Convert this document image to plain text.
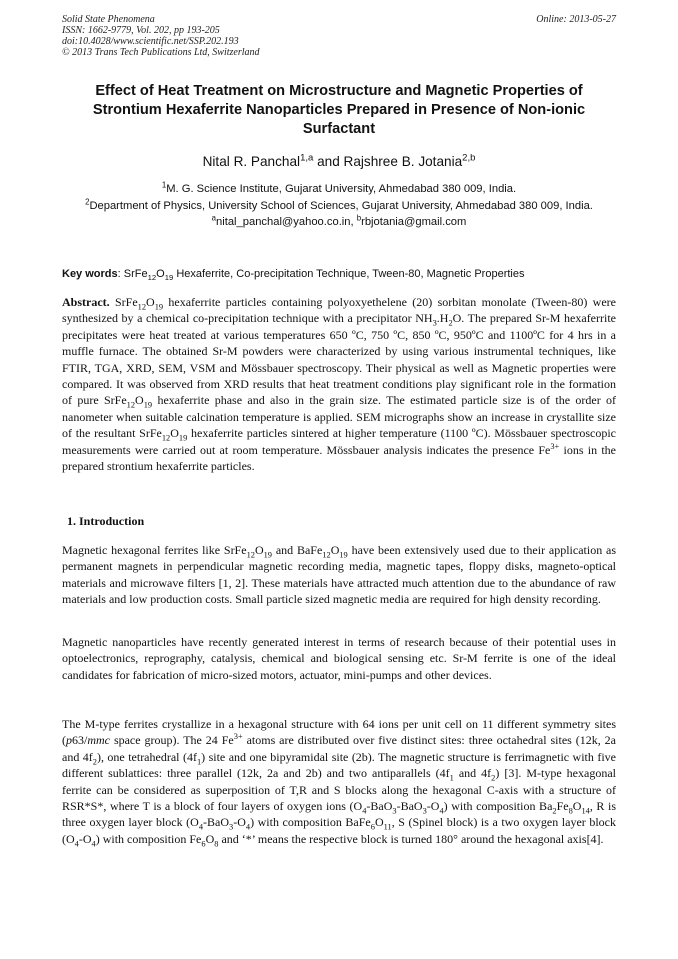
Solid State Phenomena
ISSN: 1662-9779, Vol. 202, pp 193-205
doi:10.4028/www.scientific.net/SSP.202.193
© 2013 Trans Tech Publications Ltd, Switzerland
Online: 2013-05-27
Effect of Heat Treatment on Microstructure and Magnetic Properties of Strontium Hexaferrite Nanoparticles Prepared in Presence of Non-ionic Surfactant
Nital R. Panchal$^{1,a}$ and Rajshree B. Jotania$^{2,b}$
$^1$M. G. Science Institute, Gujarat University, Ahmedabad 380 009, India.
$^2$Department of Physics, University School of Sciences, Gujarat University, Ahmedabad 380 009, India.
$^a$nital_panchal@yahoo.co.in, $^b$rbjotania@gmail.com
Key words: $SrFe_{12}O_{19}$ Hexaferrite, Co-precipitation Technique, Tween-80, Magnetic Properties
Abstract. $SrFe_{12}O_{19}$ hexaferrite particles containing polyoxyethelene (20) sorbitan monolate (Tween-80) were synthesized by a chemical co-precipitation technique with a precipitator $NH_3.H_2O$. The prepared Sr-M hexaferrite precipitates were heat treated at various temperatures 650 ºC, 750 ºC, 850 ºC, 950ºC and 1100ºC for 4 hrs in a muffle furnace. The obtained Sr-M powders were characterized by using various instrumental techniques, like FTIR, TGA, XRD, SEM, VSM and Mössbauer spectroscopy. Their physical as well as Magnetic properties were compared. It was observed from XRD results that heat treatment conditions play significant role in the formation of pure $SrFe_{12}O_{19}$ hexaferrite phase and also in the grain size. The estimated particle size is of the order of nanometer when suitable calcination temperature is applied. SEM micrographs show an increase in crystallite size of the resultant $SrFe_{12}O_{19}$ hexaferrite particles sintered at higher temperature (1100 ºC). Mössbauer spectroscopic measurements were carried out at room temperature. Mössbauer analysis indicates the presence $Fe^{3+}$ ions in the prepared strontium hexaferrite particles.
1. Introduction
Magnetic hexagonal ferrites like $SrFe_{12}O_{19}$ and $BaFe_{12}O_{19}$ have been extensively used due to their application as permanent magnets in perpendicular magnetic recording media, magnetic tapes, floppy disks, magneto-optical materials and microwave filters [1, 2]. These materials have attracted much attention due to the abundance of raw materials and low production costs. Small particle sized magnetic media are required for high density recording.
Magnetic nanoparticles have recently generated interest in terms of research because of their potential uses in optoelectronics, reprography, catalysis, chemical and biological sensing etc. Sr-M ferrite is one of the ideal candidates for fabrication of micro-sized motors, actuator, mini-pumps and other devices.
The M-type ferrites crystallize in a hexagonal structure with 64 ions per unit cell on 11 different symmetry sites (p63/mmc space group). The 24 $Fe^{3+}$ atoms are distributed over five distinct sites: three octahedral sites (12k, 2a and $4f_2$), one tetrahedral $(4f_1)$ site and one bipyramidal site (2b). The magnetic structure is ferrimagnetic with five different sublattices: three parallel (12k, 2a and 2b) and two antiparallels ($4f_1$ and $4f_2$) [3]. M-type hexagonal ferrite can be considered as superposition of T,R and S blocks along the hexagonal C-axis with a structure of RSR*S*, where T is a block of four layers of oxygen ions $(O_4-BaO_3-BaO_3-O_4)$ with composition $Ba_2Fe_8O_{14}$, R is three oxygen layer block $(O_4-BaO_3-O_4)$ with composition $BaFe_6O_{11}$, S (Spinel block) is a two oxygen layer block $(O_4-O_4)$ with composition $Fe_6O_8$ and ‘*’ means the respective block is turned 180° around the hexagonal axis[4].
